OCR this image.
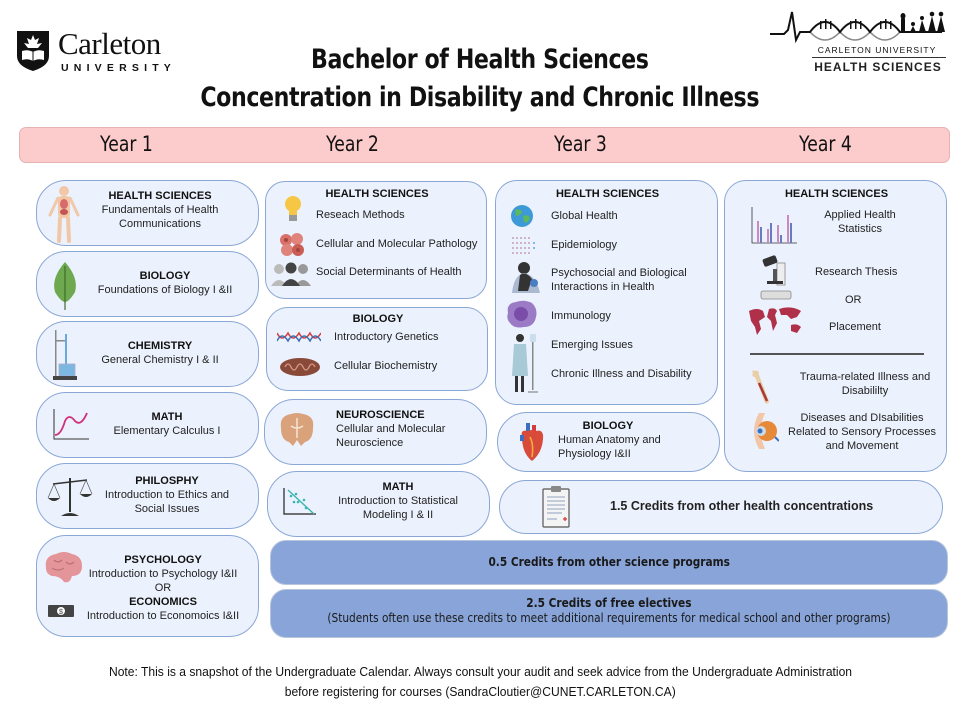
Carleton
UNIVERSITY
CARLETON UNIVERSITY
HEALTH SCIENCES
Bachelor of Health Sciences
Concentration in Disability and Chronic Illness
Year 1	Year 2	Year 3	Year 4
HEALTH SCIENCES
Fundamentals of Health
Communications
BIOLOGY
Foundations of Biology I &II
CHEMISTRY
General Chemistry I & II
MATH
Elementary Calculus I
PHILOSPHY
Introduction to Ethics and
Social Issues
$
PSYCHOLOGY
Introduction to Psychology I&II
OR
ECONOMICS
Introduction to Economoics I&II
HEALTH SCIENCES
Reseach Methods
Cellular and Molecular Pathology
Social Determinants of Health
BIOLOGY
Introductory Genetics
Cellular Biochemistry
NEUROSCIENCE
Cellular and Molecular
Neuroscience
MATH
Introduction to Statistical
Modeling I & II
HEALTH SCIENCES
Global Health
Epidemiology
Psychosocial and Biological
Interactions in Health
Immunology
Emerging Issues
Chronic Illness and Disability
BIOLOGY
Human Anatomy and
Physiology I&II
HEALTH SCIENCES
Applied Health
Statistics
Research Thesis
OR
Placement
Trauma-related Illness and
Disabililty
Diseases and DIsabilities
Related to Sensory Processes
and Movement
1.5 Credits from other health concentrations
0.5 Credits from other science programs
2.5 Credits of free electives
(Students often use these credits to meet additional requirements for medical school and other programs)
Note: This is a snapshot of the Undergraduate Calendar. Always consult your audit and seek advice from the Undergraduate Administration
before registering for courses (SandraCloutier@CUNET.CARLETON.CA)
